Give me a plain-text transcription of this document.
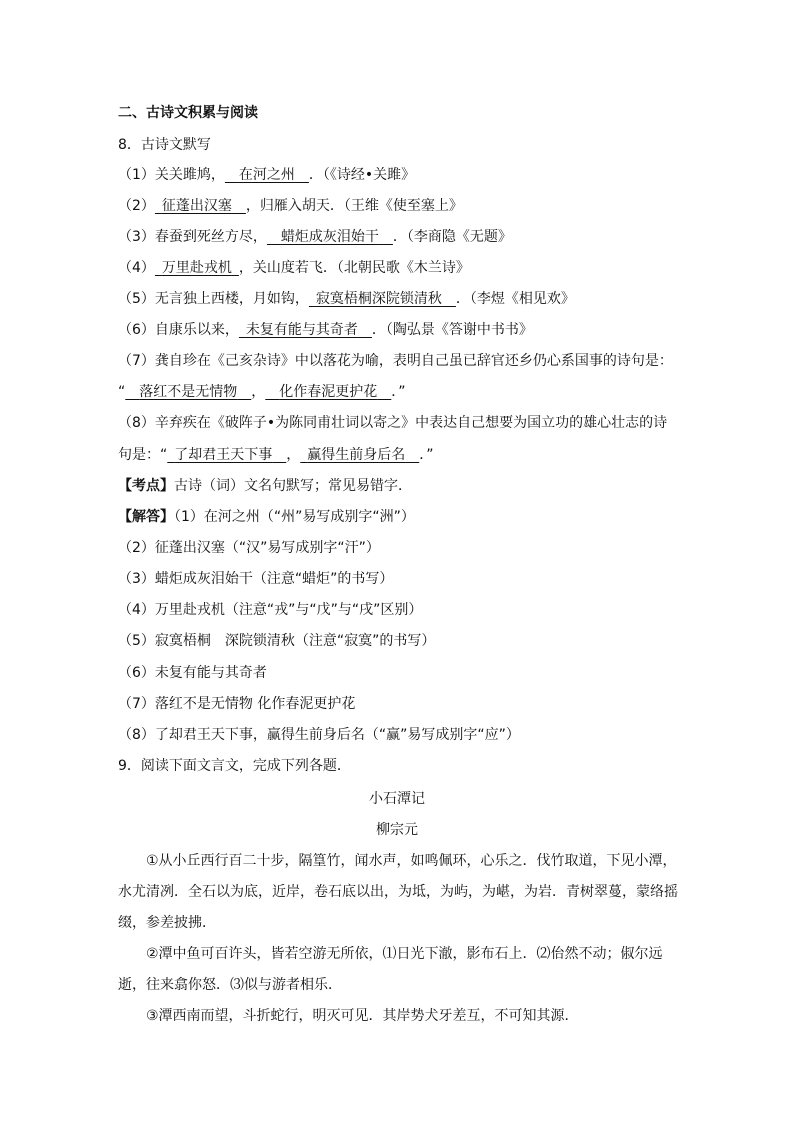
二、古诗文积累与阅读
8．古诗文默写
（1）关关雎鸠，  在河之州  ．（《诗经•关雎》
（2）  征蓬出汉塞  ，归雁入胡天．（王维《使至塞上》
（3）春蚕到死丝方尽，  蜡炬成灰泪始干  ．（李商隐《无题》
（4）  万里赴戎机  ，关山度若飞．（北朝民歌《木兰诗》
（5）无言独上西楼，月如钩，  寂寞梧桐深院锁清秋  ．（李煜《相见欢》
（6）自康乐以来，  未复有能与其奇者  ．（陶弘景《答谢中书书》
（7）龚自珍在《己亥杂诗》中以落花为喻，表明自己虽已辞官还乡仍心系国事的诗句是：
“  落红不是无情物  ，  化作春泥更护花  ．”
（8）辛弃疾在《破阵子•为陈同甫壮词以寄之》中表达自己想要为国立功的雄心壮志的诗
句是：“  了却君王天下事  ，  赢得生前身后名  ．”
【考点】古诗（词）文名句默写；常见易错字．
【解答】（1）在河之州（“州”易写成别字“洲”）
（2）征蓬出汉塞（“汉”易写成别字“汗”）
（3）蜡炬成灰泪始干（注意“蜡炬”的书写）
（4）万里赴戎机（注意“戎”与“戊”与“戌”区别）
（5）寂寞梧桐　深院锁清秋（注意“寂寞”的书写）
（6）未复有能与其奇者
（7）落红不是无情物 化作春泥更护花
（8）了却君王天下事，赢得生前身后名（“赢”易写成别字“应”）
9．阅读下面文言文，完成下列各题．
小石潭记
柳宗元
①从小丘西行百二十步，隔篁竹，闻水声，如鸣佩环，心乐之．伐竹取道，下见小潭，水尤清冽．全石以为底，近岸，卷石底以出，为坻，为屿，为嵁，为岩．青树翠蔓，蒙络摇缀，参差披拂．
②潭中鱼可百许头，皆若空游无所依，⑴日光下澈，影布石上．⑵佁然不动；俶尔远逝，往来翕你怒．⑶似与游者相乐．
③潭西南而望，斗折蛇行，明灭可见．其岸势犬牙差互，不可知其源．
